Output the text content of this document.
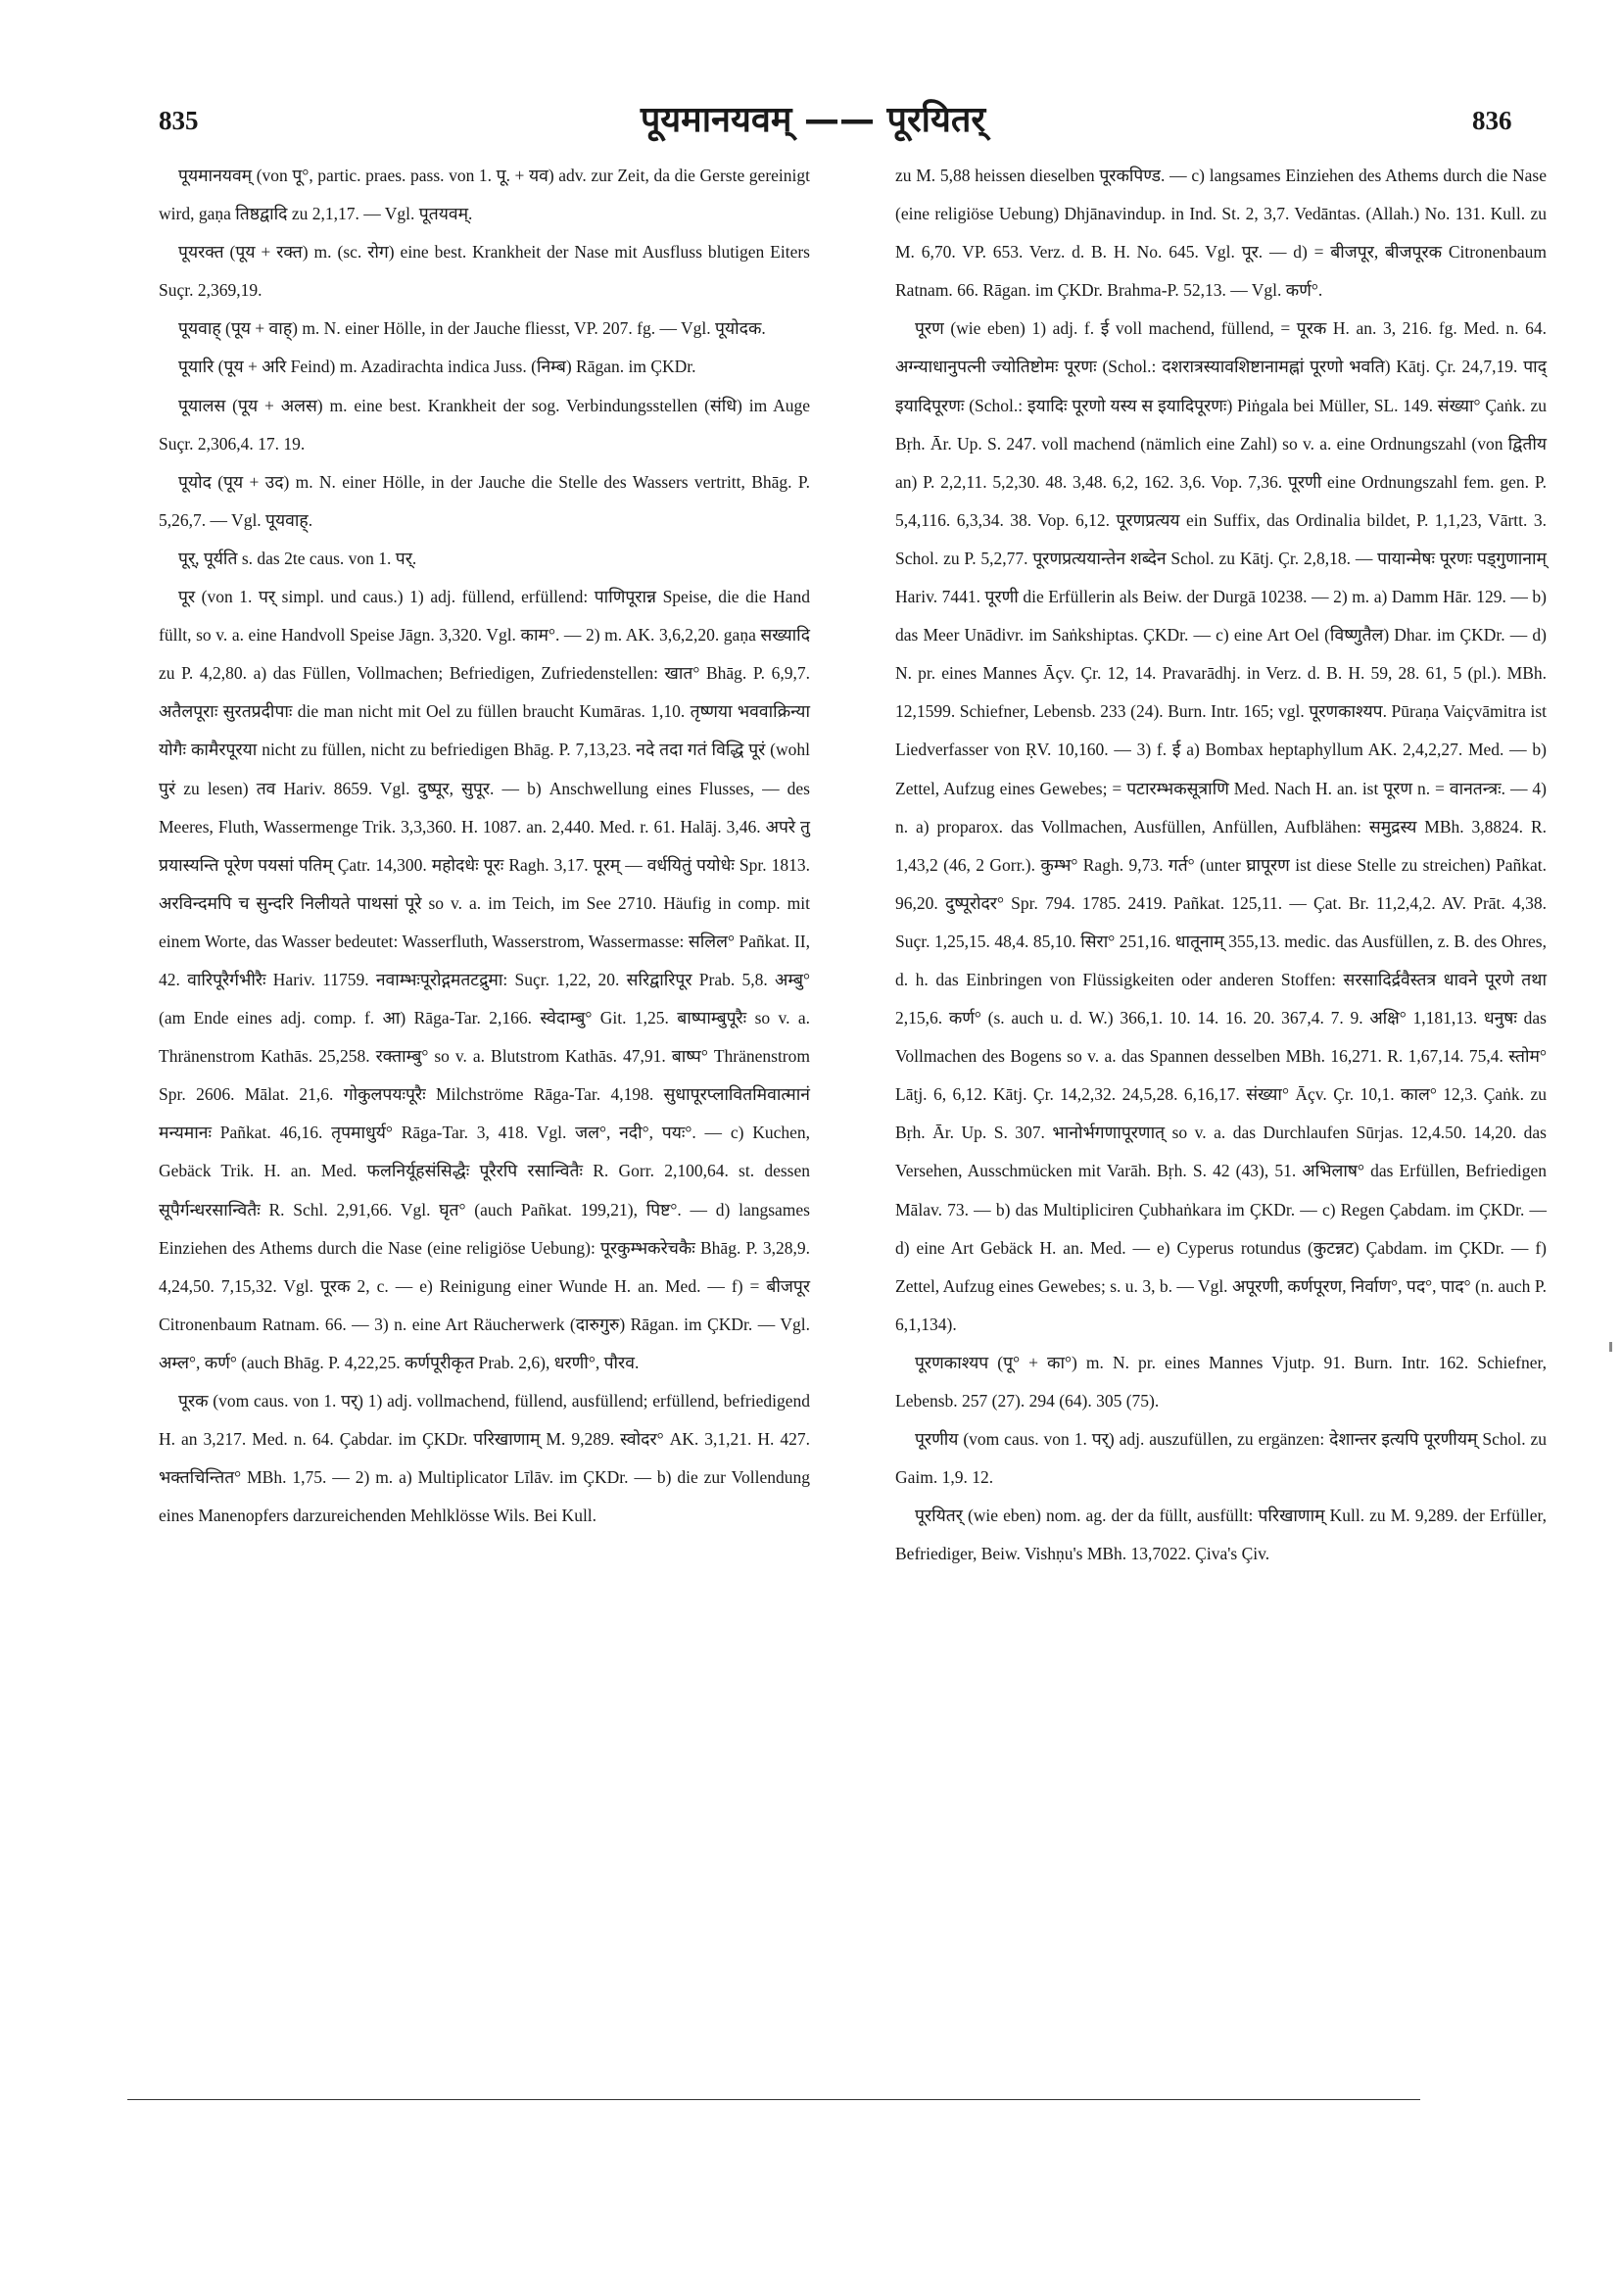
835	पूयमानयवम् —— पूरयितर्	836

पूयमानयवम् (von पू°, partic. praes. pass. von 1. पू. + यव) adv. zur Zeit, da die Gerste gereinigt wird, gaṇa तिष्ठद्वादि zu 2,1,17. — Vgl. पूतयवम्.

पूयरक्त (पूय + रक्त) m. (sc. रोग) eine best. Krankheit der Nase mit Ausfluss blutigen Eiters Suçr. 2,369,19.

पूयवाह् (पूय + वाह्) m. N. einer Hölle, in der Jauche fliesst, VP. 207. fg. — Vgl. पूयोदक.

पूयारि (पूय + अरि Feind) m. Azadirachta indica Juss. (निम्ब) Rāgan. im ÇKDr.

पूयालस (पूय + अलस) m. eine best. Krankheit der sog. Verbindungsstellen (संधि) im Auge Suçr. 2,306,4. 17. 19.

पूयोद (पूय + उद) m. N. einer Hölle, in der Jauche die Stelle des Wassers vertritt, Bhāg. P. 5,26,7. — Vgl. पूयवाह्.

पूर्, पूर्यति s. das 2te caus. von 1. पर्.

पूर (von 1. पर् simpl. und caus.) 1) adj. füllend, erfüllend: पाणिपूरान्न Speise, die die Hand füllt, so v. a. eine Handvoll Speise Jāgn. 3,320. Vgl. काम°. — 2) m. AK. 3,6,2,20. gaṇa सख्यादि zu P. 4,2,80. a) das Füllen, Vollmachen; Befriedigen, Zufriedenstellen: खात° Bhāg. P. 6,9,7. अतैलपूराः सुरतप्रदीपाः die man nicht mit Oel zu füllen braucht Kumāras. 1,10. तृष्णया भववाक्रिन्या योगैः कामैरपूरया nicht zu füllen, nicht zu befriedigen Bhāg. P. 7,13,23. नदे तदा गतं विद्धि पूरं (wohl पुरं zu lesen) तव Hariv. 8659. Vgl. दुष्पूर, सुपूर. — b) Anschwellung eines Flusses, — des Meeres, Fluth, Wassermenge Trik. 3,3,360. H. 1087. an. 2,440. Med. r. 61. Halāj. 3,46. अपरे तु प्रयास्यन्ति पूरेण पयसां पतिम् Çatr. 14,300. महोदधेः पूरः Ragh. 3,17. पूरम् — वर्धयितुं पयोधेः Spr. 1813. अरविन्दमपि च सुन्दरि निलीयते पाथसां पूरे so v. a. im Teich, im See 2710. Häufig in comp. mit einem Worte, das Wasser bedeutet: Wasserfluth, Wasserstrom, Wassermasse: सलिल° Pañkat. II, 42. वारिपूरैर्गभीरैः Hariv. 11759. नवाम्भःपूरोद्गमतटद्रुमा: Suçr. 1,22, 20. सरिद्वारिपूर Prab. 5,8. अम्बु° (am Ende eines adj. comp. f. आ) Rāga-Tar. 2,166. स्वेदाम्बु° Git. 1,25. बाष्पाम्बुपूरैः so v. a. Thränenstrom Kathās. 25,258. रक्ताम्बु° so v. a. Blutstrom Kathās. 47,91. बाष्प° Thränenstrom Spr. 2606. Mālat. 21,6. गोकुलपयःपूरैः Milchströme Rāga-Tar. 4,198. सुधापूरप्लावितमिवात्मानं मन्यमानः Pañkat. 46,16. तृपमाधुर्य° Rāga-Tar. 3, 418. Vgl. जल°, नदी°, पयः°. — c) Kuchen, Gebäck Trik. H. an. Med. फलनिर्यूहसंसिद्धैः पूरैरपि रसान्वितैः R. Gorr. 2,100,64. st. dessen सूपैर्गन्धरसान्वितैः R. Schl. 2,91,66. Vgl. घृत° (auch Pañkat. 199,21), पिष्ट°. — d) langsames Einziehen des Athems durch die Nase (eine religiöse Uebung): पूरकुम्भकरेचकैः Bhāg. P. 3,28,9. 4,24,50. 7,15,32. Vgl. पूरक 2, c. — e) Reinigung einer Wunde H. an. Med. — f) = बीजपूर Citronenbaum Ratnam. 66. — 3) n. eine Art Räucherwerk (दारुगुरु) Rāgan. im ÇKDr. — Vgl. अम्ल°, कर्ण° (auch Bhāg. P. 4,22,25. कर्णपूरीकृत Prab. 2,6), धरणी°, पौरव.

पूरक (vom caus. von 1. पर्) 1) adj. vollmachend, füllend, ausfüllend; erfüllend, befriedigend H. an 3,217. Med. n. 64. Çabdar. im ÇKDr. परिखाणाम् M. 9,289. स्वोदर° AK. 3,1,21. H. 427. भक्तचिन्तित° MBh. 1,75. — 2) m. a) Multiplicator Līlāv. im ÇKDr. — b) die zur Vollendung eines Manenopfers darzureichenden Mehlklösse Wils. Bei Kull.

zu M. 5,88 heissen dieselben पूरकपिण्ड. — c) langsames Einziehen des Athems durch die Nase (eine religiöse Uebung) Dhjānavindup. in Ind. St. 2, 3,7. Vedāntas. (Allah.) No. 131. Kull. zu M. 6,70. VP. 653. Verz. d. B. H. No. 645. Vgl. पूर. — d) = बीजपूर, बीजपूरक Citronenbaum Ratnam. 66. Rāgan. im ÇKDr. Brahma-P. 52,13. — Vgl. कर्ण°.

पूरण (wie eben) 1) adj. f. ई voll machend, füllend, = पूरक H. an. 3, 216. fg. Med. n. 64. अग्न्याधानुपत्नी ज्योतिष्टोमः पूरणः (Schol.: दशरात्रस्यावशिष्टानामह्नां पूरणो भवति) Kātj. Çr. 24,7,19. पाद् इयादिपूरणः (Schol.: इयादिः पूरणो यस्य स इयादिपूरणः) Piṅgala bei Müller, SL. 149. संख्या° Çaṅk. zu Bṛh. Ār. Up. S. 247. voll machend (nämlich eine Zahl) so v. a. eine Ordnungszahl (von द्वितीय an) P. 2,2,11. 5,2,30. 48. 3,48. 6,2, 162. 3,6. Vop. 7,36. पूरणी eine Ordnungszahl fem. gen. P. 5,4,116. 6,3,34. 38. Vop. 6,12. पूरणप्रत्यय ein Suffix, das Ordinalia bildet, P. 1,1,23, Vārtt. 3. Schol. zu P. 5,2,77. पूरणप्रत्ययान्तेन शब्देन Schol. zu Kātj. Çr. 2,8,18. — पायान्मेषः पूरणः पड्गुणानाम् Hariv. 7441. पूरणी die Erfüllerin als Beiw. der Durgā 10238. — 2) m. a) Damm Hār. 129. — b) das Meer Unādivr. im Saṅkshiptas. ÇKDr. — c) eine Art Oel (विष्णुतैल) Dhar. im ÇKDr. — d) N. pr. eines Mannes Āçv. Çr. 12, 14. Pravarādhj. in Verz. d. B. H. 59, 28. 61, 5 (pl.). MBh. 12,1599. Schiefner, Lebensb. 233 (24). Burn. Intr. 165; vgl. पूरणकाश्यप. Pūraṇa Vaiçvāmitra ist Liedverfasser von ṚV. 10,160. — 3) f. ई a) Bombax heptaphyllum AK. 2,4,2,27. Med. — b) Zettel, Aufzug eines Gewebes; = पटारम्भकसूत्राणि Med. Nach H. an. ist पूरण n. = वानतन्त्रः. — 4) n. a) proparox. das Vollmachen, Ausfüllen, Anfüllen, Aufblähen: समुद्रस्य MBh. 3,8824. R. 1,43,2 (46, 2 Gorr.). कुम्भ° Ragh. 9,73. गर्त° (unter घ्रापूरण ist diese Stelle zu streichen) Pañkat. 96,20. दुष्पूरोदर° Spr. 794. 1785. 2419. Pañkat. 125,11. — Çat. Br. 11,2,4,2. AV. Prāt. 4,38. Suçr. 1,25,15. 48,4. 85,10. सिरा° 251,16. धातूनाम् 355,13. medic. das Ausfüllen, z. B. des Ohres, d. h. das Einbringen von Flüssigkeiten oder anderen Stoffen: सरसादिर्द्रवैस्तत्र धावने पूरणे तथा 2,15,6. कर्ण° (s. auch u. d. W.) 366,1. 10. 14. 16. 20. 367,4. 7. 9. अक्षि° 1,181,13. धनुषः das Vollmachen des Bogens so v. a. das Spannen desselben MBh. 16,271. R. 1,67,14. 75,4. स्तोम° Lāṭj. 6, 6,12. Kātj. Çr. 14,2,32. 24,5,28. 6,16,17. संख्या° Āçv. Çr. 10,1. काल° 12,3. Çaṅk. zu Bṛh. Ār. Up. S. 307. भानोर्भगणापूरणात् so v. a. das Durchlaufen Sūrjas. 12,4.50. 14,20. das Versehen, Ausschmücken mit Varāh. Bṛh. S. 42 (43), 51. अभिलाष° das Erfüllen, Befriedigen Mālav. 73. — b) das Multipliciren Çubhaṅkara im ÇKDr. — c) Regen Çabdam. im ÇKDr. — d) eine Art Gebäck H. an. Med. — e) Cyperus rotundus (कुटन्नट) Çabdam. im ÇKDr. — f) Zettel, Aufzug eines Gewebes; s. u. 3, b. — Vgl. अपूरणी, कर्णपूरण, निर्वाण°, पद°, पाद° (n. auch P. 6,1,134).

पूरणकाश्यप (पू° + का°) m. N. pr. eines Mannes Vjutp. 91. Burn. Intr. 162. Schiefner, Lebensb. 257 (27). 294 (64). 305 (75).

पूरणीय (vom caus. von 1. पर्) adj. auszufüllen, zu ergänzen: देशान्तर इत्यपि पूरणीयम् Schol. zu Gaim. 1,9. 12.

पूरयितर् (wie eben) nom. ag. der da füllt, ausfüllt: परिखाणाम् Kull. zu M. 9,289. der Erfüller, Befriediger, Beiw. Vishṇu's MBh. 13,7022. Çiva's Çiv.
